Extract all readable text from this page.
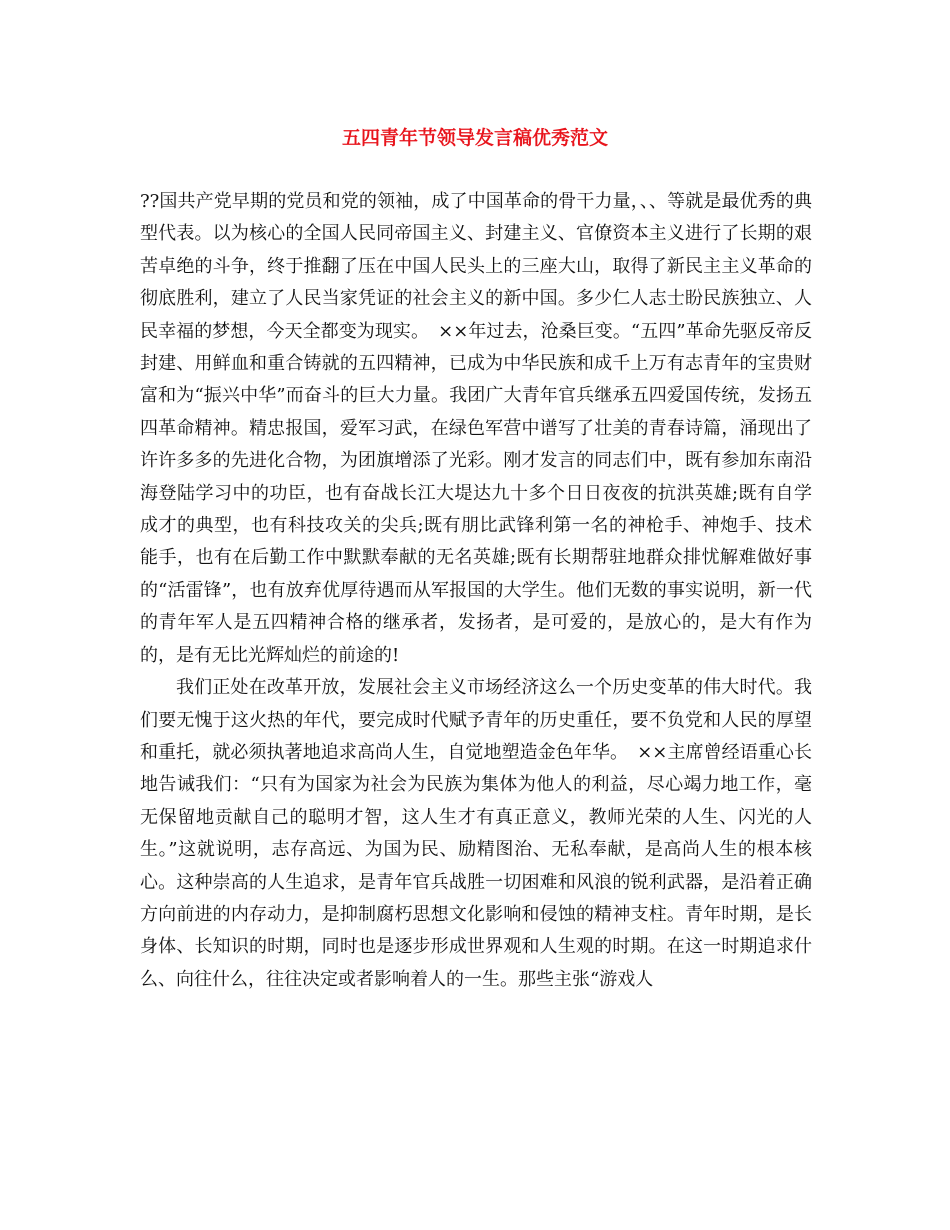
五四青年节领导发言稿优秀范文

??国共产党早期的党员和党的领袖，成了中国革命的骨干力量，、、等就是最优秀的典型代表。以为核心的全国人民同帝国主义、封建主义、官僚资本主义进行了长期的艰苦卓绝的斗争，终于推翻了压在中国人民头上的三座大山，取得了新民主主义革命的彻底胜利，建立了人民当家凭证的社会主义的新中国。多少仁人志士盼民族独立、人民幸福的梦想，今天全都变为现实。　××年过去，沧桑巨变。“五四”革命先驱反帝反封建、用鲜血和重合铸就的五四精神，已成为中华民族和成千上万有志青年的宝贵财富和为“振兴中华”而奋斗的巨大力量。我团广大青年官兵继承五四爱国传统，发扬五四革命精神。精忠报国，爱军习武，在绿色军营中谱写了壮美的青春诗篇，涌现出了许许多多的先进化合物，为团旗增添了光彩。刚才发言的同志们中，既有参加东南沿海登陆学习中的功臣，也有奋战长江大堤达九十多个日日夜夜的抗洪英雄;既有自学成才的典型，也有科技攻关的尖兵;既有朋比武锋利第一名的神枪手、神炮手、技术能手，也有在后勤工作中默默奉献的无名英雄;既有长期帮驻地群众排忧解难做好事的“活雷锋”，也有放弃优厚待遇而从军报国的大学生。他们无数的事实说明，新一代的青年军人是五四精神合格的继承者，发扬者，是可爱的，是放心的，是大有作为的，是有无比光辉灿烂的前途的!

我们正处在改革开放，发展社会主义市场经济这么一个历史变革的伟大时代。我们要无愧于这火热的年代，要完成时代赋予青年的历史重任，要不负党和人民的厚望和重托，就必须执著地追求高尚人生，自觉地塑造金色年华。　××主席曾经语重心长地告诫我们：“只有为国家为社会为民族为集体为他人的利益，尽心竭力地工作，毫无保留地贡献自己的聪明才智，这人生才有真正意义，教师光荣的人生、闪光的人生。”这就说明，志存高远、为国为民、励精图治、无私奉献，是高尚人生的根本核心。这种崇高的人生追求，是青年官兵战胜一切困难和风浪的锐利武器，是沿着正确方向前进的内存动力，是抑制腐朽思想文化影响和侵蚀的精神支柱。青年时期，是长身体、长知识的时期，同时也是逐步形成世界观和人生观的时期。在这一时期追求什么、向往什么，往往决定或者影响着人的一生。那些主张“游戏人
